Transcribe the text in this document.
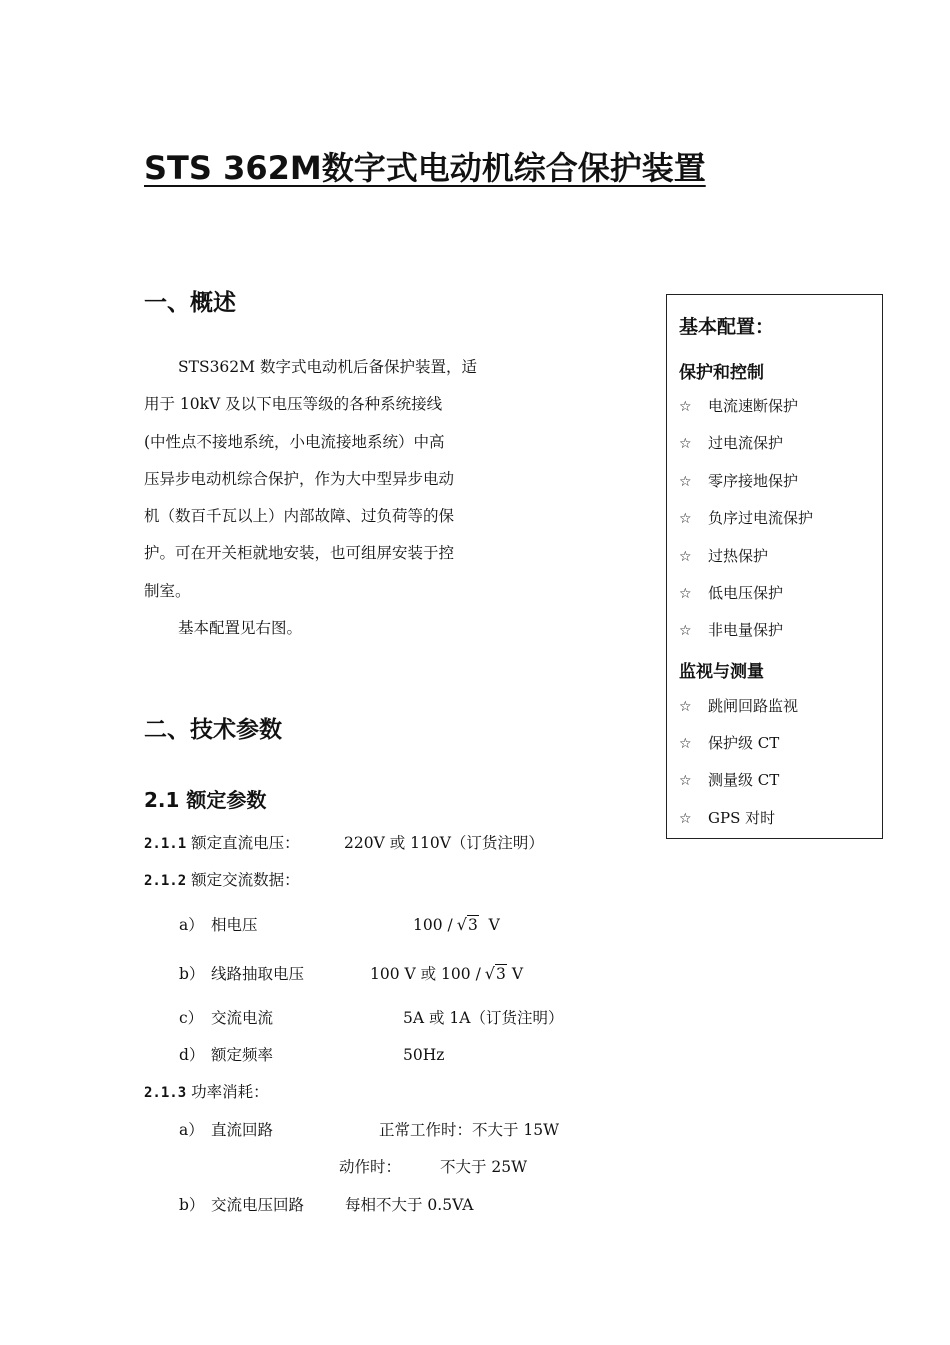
STS 362M数字式电动机综合保护装置
一、概述
STS362M 数字式电动机后备保护装置，适
用于 10kV 及以下电压等级的各种系统接线
(中性点不接地系统，小电流接地系统）中高
压异步电动机综合保护，作为大中型异步电动
机（数百千瓦以上）内部故障、过负荷等的保
护。可在开关柜就地安装，也可组屏安装于控
制室。
基本配置见右图。
二、技术参数
2.1 额定参数
2.1.1 额定直流电压：	220V 或 110V（订货注明）
2.1.2 额定交流数据：
a） 相电压	100 / √3 V
b） 线路抽取电压	100 V 或 100 / √3 V
c） 交流电流	5A 或 1A（订货注明）
d） 额定频率	50Hz
2.1.3 功率消耗：
a） 直流回路	正常工作时：不大于 15W
动作时：	不大于 25W
b） 交流电压回路	每相不大于 0.5VA
基本配置：
保护和控制
☆ 电流速断保护
☆ 过电流保护
☆ 零序接地保护
☆ 负序过电流保护
☆ 过热保护
☆ 低电压保护
☆ 非电量保护
监视与测量
☆ 跳闸回路监视
☆ 保护级 CT
☆ 测量级 CT
☆ GPS 对时
